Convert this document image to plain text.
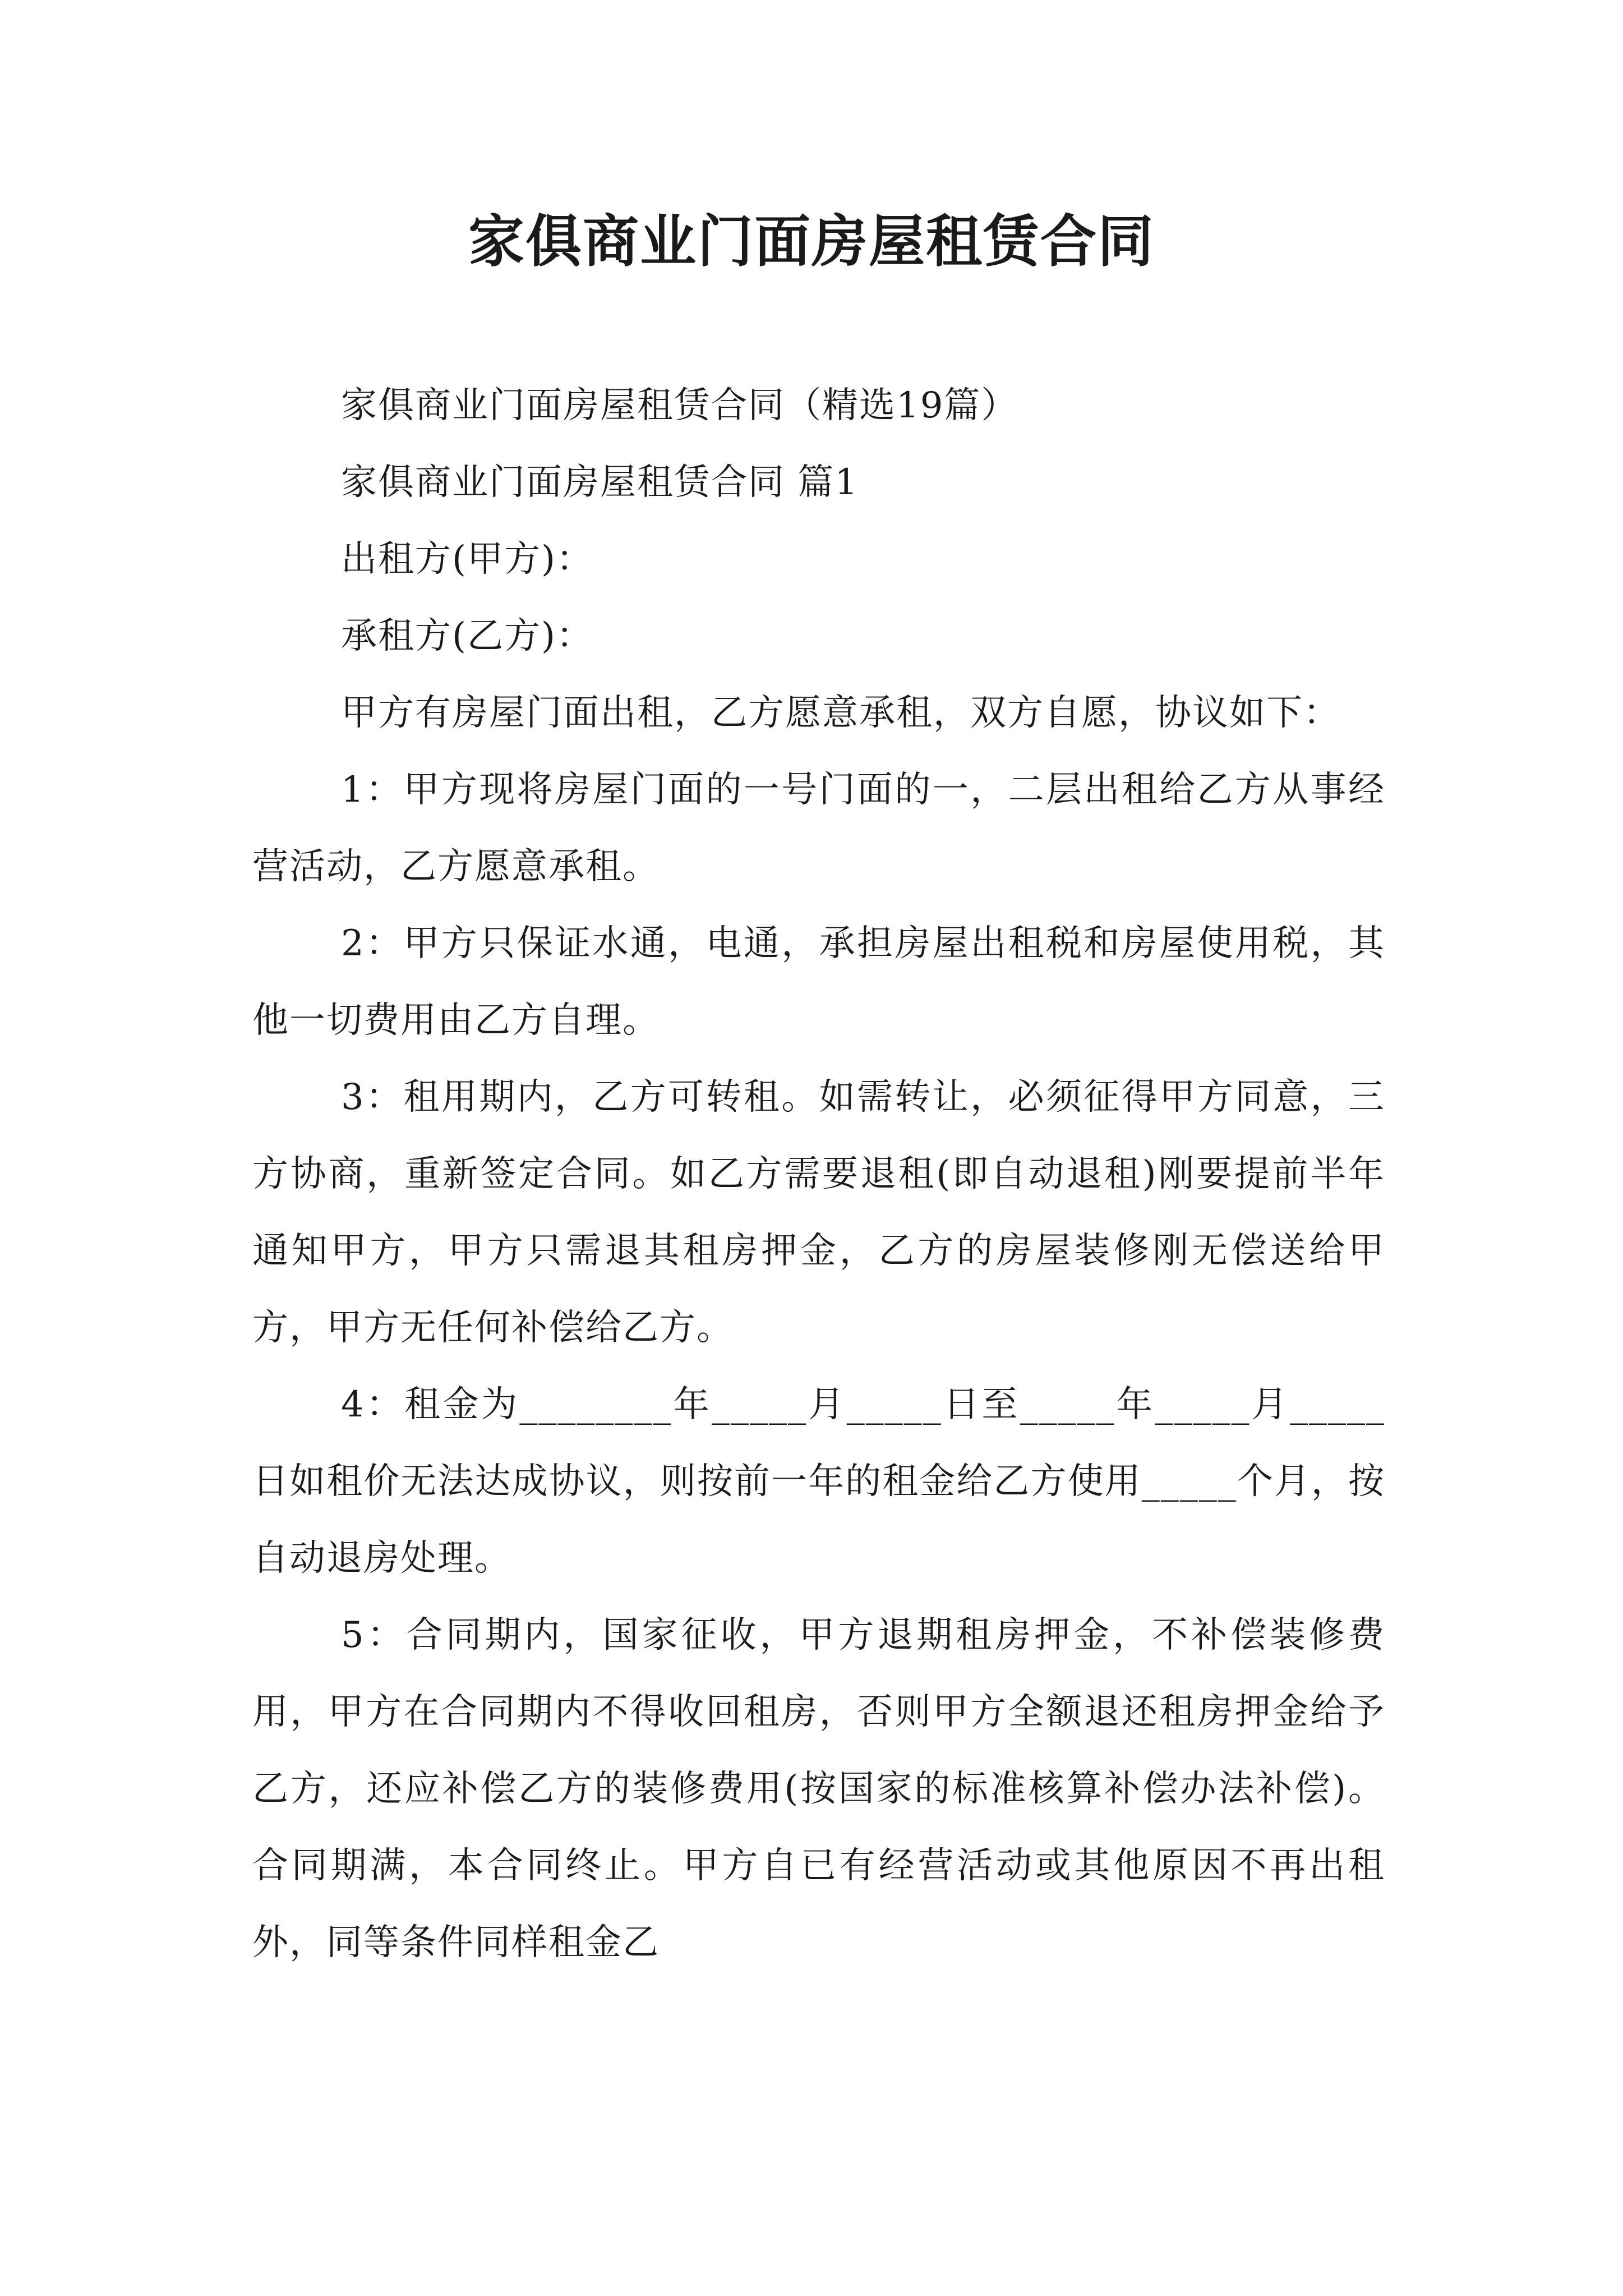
家俱商业门面房屋租赁合同

家俱商业门面房屋租赁合同（精选19篇）

家俱商业门面房屋租赁合同 篇1

出租方(甲方)：

承租方(乙方)：

甲方有房屋门面出租，乙方愿意承租，双方自愿，协议如下：

1：甲方现将房屋门面的一号门面的一，二层出租给乙方从事经营活动，乙方愿意承租。

2：甲方只保证水通，电通，承担房屋出租税和房屋使用税，其他一切费用由乙方自理。

3：租用期内，乙方可转租。如需转让，必须征得甲方同意，三方协商，重新签定合同。如乙方需要退租(即自动退租)刚要提前半年通知甲方，甲方只需退其租房押金，乙方的房屋装修刚无偿送给甲方，甲方无任何补偿给乙方。

4：租金为________年_____月_____日至_____年_____月_____日如租价无法达成协议，则按前一年的租金给乙方使用_____个月，按自动退房处理。

5：合同期内，国家征收，甲方退期租房押金，不补偿装修费用，甲方在合同期内不得收回租房，否则甲方全额退还租房押金给予乙方，还应补偿乙方的装修费用(按国家的标准核算补偿办法补偿)。合同期满，本合同终止。甲方自已有经营活动或其他原因不再出租外，同等条件同样租金乙
